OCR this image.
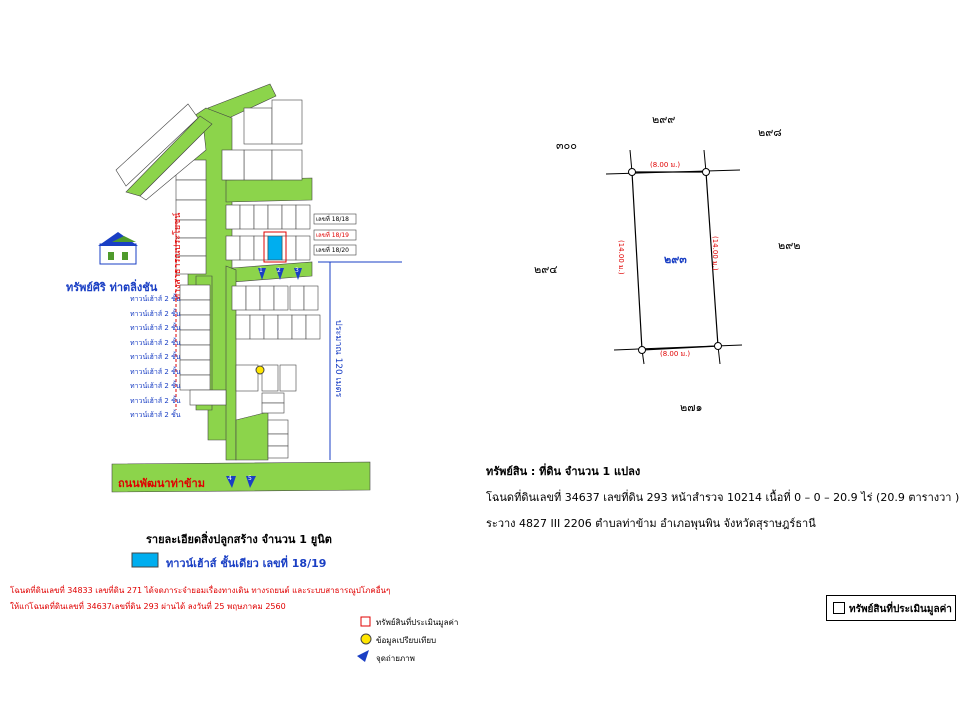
ทรัพย์ศิริ ท่าตลิ่งชัน
ถนนพัฒนาท่าข้าม
ทางสาธารณประโยชน์
ประมาณ 120 เมตร
ทาวน์เฮ้าส์ 2 ชั้น
ทาวน์เฮ้าส์ 2 ชั้น
ทาวน์เฮ้าส์ 2 ชั้น
ทาวน์เฮ้าส์ 2 ชั้น
ทาวน์เฮ้าส์ 2 ชั้น
ทาวน์เฮ้าส์ 2 ชั้น
ทาวน์เฮ้าส์ 2 ชั้น
ทาวน์เฮ้าส์ 2 ชั้น
ทาวน์เฮ้าส์ 2 ชั้น
เลขที่ 18/18
เลขที่ 18/19
เลขที่ 18/20
1 2 3
4	5
รายละเอียดสิ่งปลูกสร้าง จำนวน 1 ยูนิต
ทาวน์เฮ้าส์ ชั้นเดียว เลขที่ 18/19
โฉนดที่ดินเลขที่ 34833 เลขที่ดิน 271 ได้จดภาระจำยอมเรื่องทางเดิน ทางรถยนต์ และระบบสาธารณูปโภคอื่นๆ
ให้แก่โฉนดที่ดินเลขที่ 34637เลขที่ดิน 293 ผ่านได้ ลงวันที่ 25 พฤษภาคม 2560
ทรัพย์สินที่ประเมินมูลค่า
ข้อมูลเปรียบเทียบ
จุดถ่ายภาพ
๒๙๓
(8.00 ม.)
(8.00 ม.)
(14.00 ม.)	(14.00 ม.)
๒๙๙
๒๙๘
๓๐๐
๒๙๒
๒๙๔
๒๗๑
ทรัพย์สิน : ที่ดิน จำนวน 1 แปลง
โฉนดที่ดินเลขที่ 34637 เลขที่ดิน 293 หน้าสำรวจ 10214 เนื้อที่ 0 – 0 – 20.9 ไร่ (20.9 ตารางวา )
ระวาง 4827 III 2206 ตำบลท่าข้าม อำเภอพุนพิน จังหวัดสุราษฎร์ธานี
ทรัพย์สินที่ประเมินมูลค่า
